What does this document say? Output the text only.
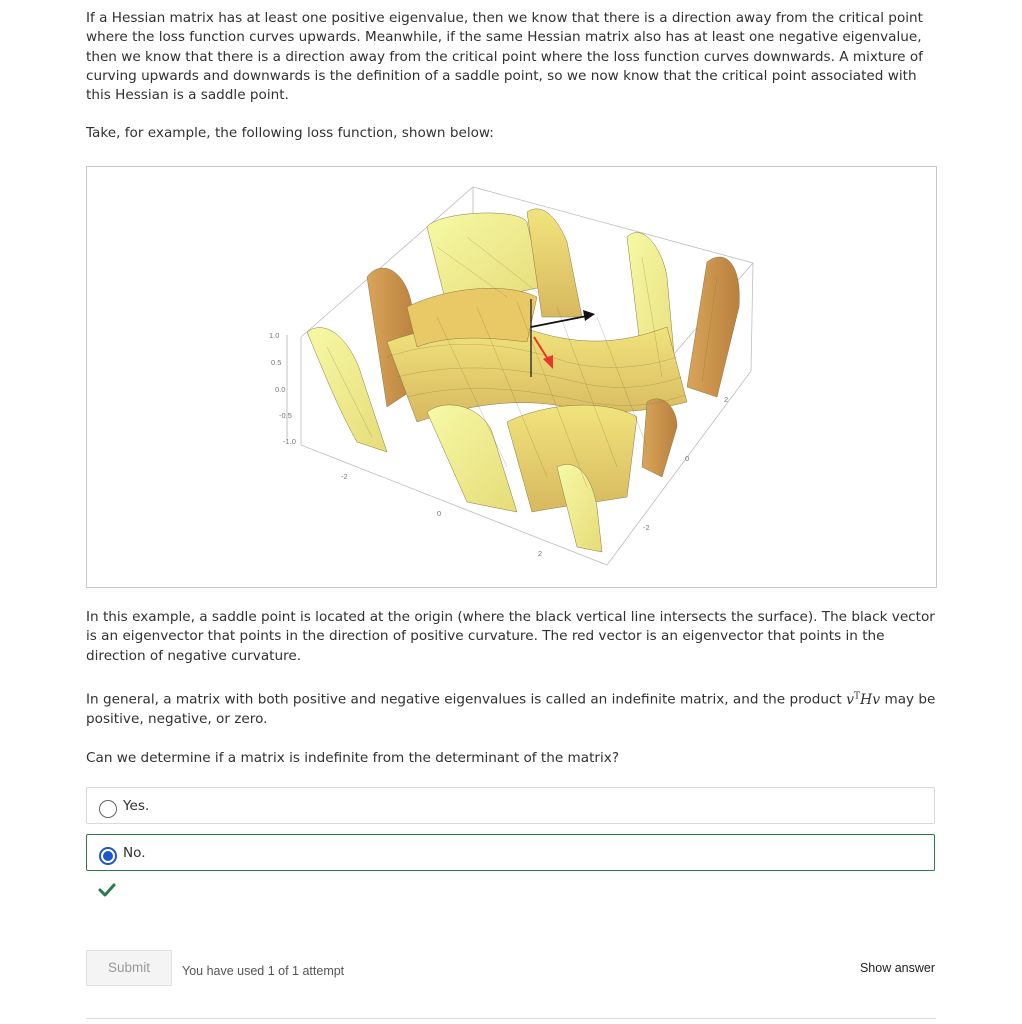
If a Hessian matrix has at least one positive eigenvalue, then we know that there is a direction away from the critical point where the loss function curves upwards. Meanwhile, if the same Hessian matrix also has at least one negative eigenvalue, then we know that there is a direction away from the critical point where the loss function curves downwards. A mixture of curving upwards and downwards is the definition of a saddle point, so we now know that the critical point associated with this Hessian is a saddle point.

Take, for example, the following loss function, shown below:

1.0
0.5
0.0
-0.5
-1.0
-2
0
2
-2
0
2

In this example, a saddle point is located at the origin (where the black vertical line intersects the surface). The black vector is an eigenvector that points in the direction of positive curvature. The red vector is an eigenvector that points in the direction of negative curvature.

In general, a matrix with both positive and negative eigenvalues is called an indefinite matrix, and the product $v^THv$ may be positive, negative, or zero.

Can we determine if a matrix is indefinite from the determinant of the matrix?

Yes.
No.
Submit	You have used 1 of 1 attempt	Show answer
